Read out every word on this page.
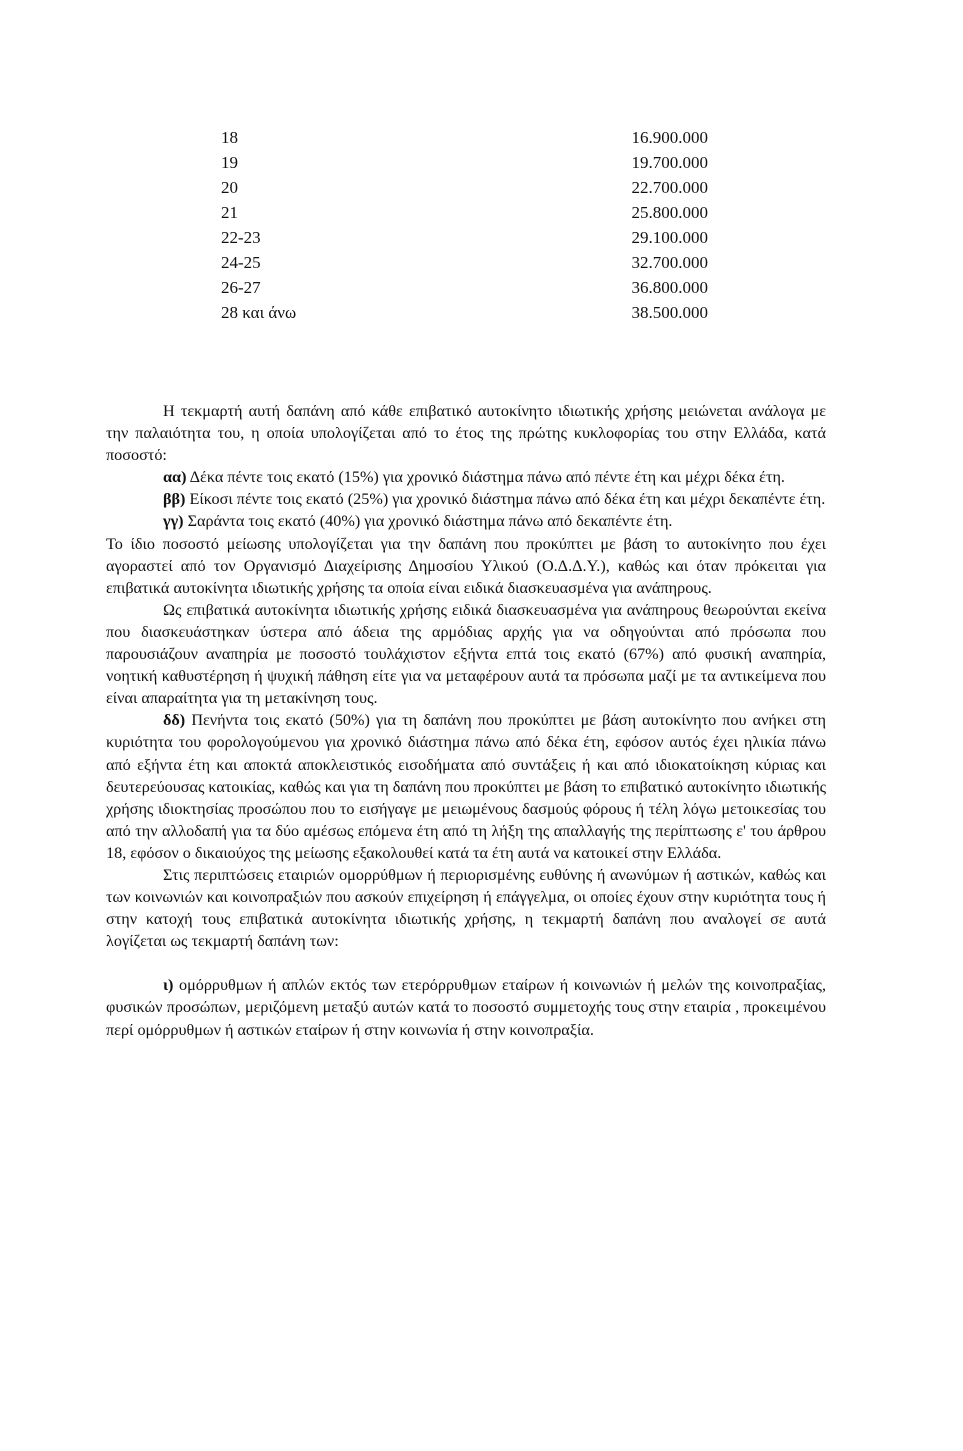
18	16.900.000
19	19.700.000
20	22.700.000
21	25.800.000
22-23	29.100.000
24-25	32.700.000
26-27	36.800.000
28 και άνω	38.500.000

Η τεκμαρτή αυτή δαπάνη από κάθε επιβατικό αυτοκίνητο ιδιωτικής χρήσης μειώνεται ανάλογα με την παλαιότητα του, η οποία υπολογίζεται από το έτος της πρώτης κυκλοφορίας του στην Ελλάδα, κατά ποσοστό:

αα) Δέκα πέντε τοις εκατό (15%) για χρονικό διάστημα πάνω από πέντε έτη και μέχρι δέκα έτη.

ββ) Είκοσι πέντε τοις εκατό (25%) για χρονικό διάστημα πάνω από δέκα έτη και μέχρι δεκαπέντε έτη.

γγ) Σαράντα τοις εκατό (40%) για χρονικό διάστημα πάνω από δεκαπέντε έτη.

Το ίδιο ποσοστό μείωσης υπολογίζεται για την δαπάνη που προκύπτει με βάση το αυτοκίνητο που έχει αγοραστεί από τον Οργανισμό Διαχείρισης Δημοσίου Υλικού (Ο.Δ.Δ.Υ.), καθώς και όταν πρόκειται για επιβατικά αυτοκίνητα ιδιωτικής χρήσης τα οποία είναι ειδικά διασκευασμένα για ανάπηρους.

Ως επιβατικά αυτοκίνητα ιδιωτικής χρήσης ειδικά διασκευασμένα για ανάπηρους θεωρούνται εκείνα που διασκευάστηκαν ύστερα από άδεια της αρμόδιας αρχής για να οδηγούνται από πρόσωπα που παρουσιάζουν αναπηρία με ποσοστό τουλάχιστον εξήντα επτά τοις εκατό (67%) από φυσική αναπηρία, νοητική καθυστέρηση ή ψυχική πάθηση είτε για να μεταφέρουν αυτά τα πρόσωπα μαζί με τα αντικείμενα που είναι απαραίτητα για τη μετακίνηση τους.

δδ) Πενήντα τοις εκατό (50%) για τη δαπάνη που προκύπτει με βάση αυτοκίνητο που ανήκει στη κυριότητα του φορολογούμενου για χρονικό διάστημα πάνω από δέκα έτη, εφόσον αυτός έχει ηλικία πάνω από εξήντα έτη και αποκτά αποκλειστικός εισοδήματα από συντάξεις ή και από ιδιοκατοίκηση κύριας και δευτερεύουσας κατοικίας, καθώς και για τη δαπάνη που προκύπτει με βάση το επιβατικό αυτοκίνητο ιδιωτικής χρήσης ιδιοκτησίας προσώπου που το εισήγαγε με μειωμένους δασμούς φόρους ή τέλη λόγω μετοικεσίας του από την αλλοδαπή για τα δύο αμέσως επόμενα έτη από τη λήξη της απαλλαγής της περίπτωσης ε' του άρθρου 18, εφόσον ο δικαιούχος της μείωσης εξακολουθεί κατά τα έτη αυτά να κατοικεί στην Ελλάδα.

Στις περιπτώσεις εταιριών ομορρύθμων ή περιορισμένης ευθύνης ή ανωνύμων ή αστικών, καθώς και των κοινωνιών και κοινοπραξιών που ασκούν επιχείρηση ή επάγγελμα, οι οποίες έχουν στην κυριότητα τους ή στην κατοχή τους επιβατικά αυτοκίνητα ιδιωτικής χρήσης, η τεκμαρτή δαπάνη που αναλογεί σε αυτά λογίζεται ως τεκμαρτή δαπάνη των:

ι) ομόρρυθμων ή απλών εκτός των ετερόρρυθμων εταίρων ή κοινωνιών ή μελών της κοινοπραξίας, φυσικών προσώπων, μεριζόμενη μεταξύ αυτών κατά το ποσοστό συμμετοχής τους στην εταιρία , προκειμένου περί ομόρρυθμων ή αστικών εταίρων ή στην κοινωνία ή στην κοινοπραξία.
